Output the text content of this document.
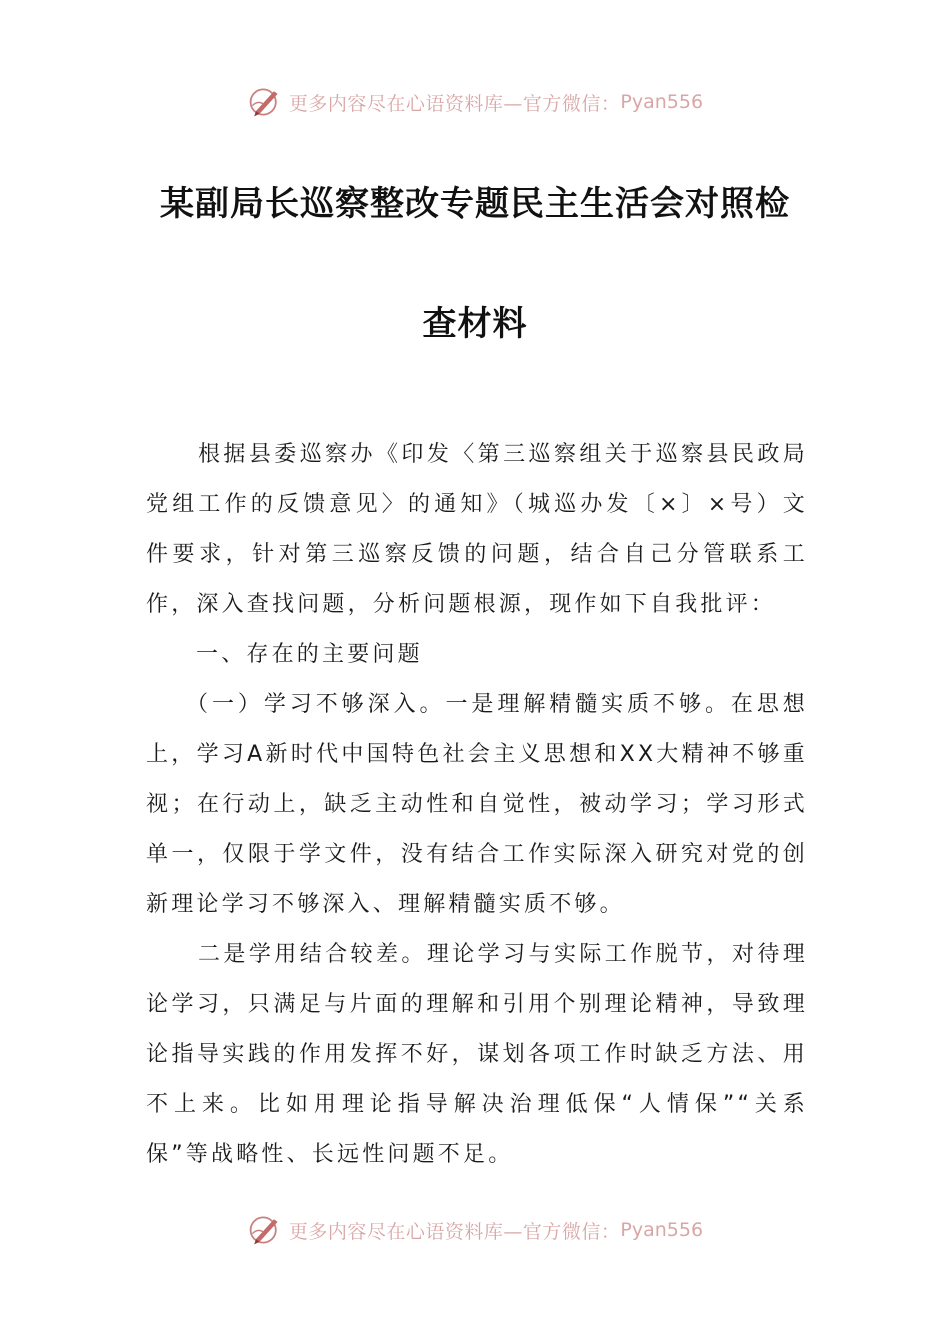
更多内容尽在心语资料库—官方微信： Pyan556
某副局长巡察整改专题民主生活会对照检
查材料

根据县委巡察办《印发〈第三巡察组关于巡察县民政局党组工作的反馈意见〉的通知》（城巡办发〔×〕×号）文件要求，针对第三巡察反馈的问题，结合自己分管联系工作，深入查找问题，分析问题根源，现作如下自我批评：

一、存在的主要问题

（一）学习不够深入。一是理解精髓实质不够。在思想上，学习A新时代中国特色社会主义思想和XX大精神不够重视；在行动上，缺乏主动性和自觉性，被动学习；学习形式单一，仅限于学文件，没有结合工作实际深入研究对党的创新理论学习不够深入、理解精髓实质不够。

二是学用结合较差。理论学习与实际工作脱节，对待理论学习，只满足与片面的理解和引用个别理论精神，导致理论指导实践的作用发挥不好，谋划各项工作时缺乏方法、用不上来。比如用理论指导解决治理低保“人情保”“关系保”等战略性、长远性问题不足。

更多内容尽在心语资料库—官方微信： Pyan556
